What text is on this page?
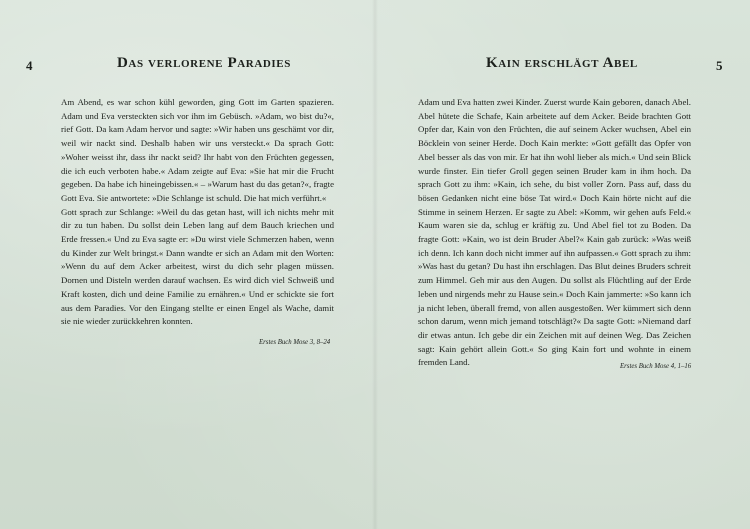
4	Das verlorene Paradies

Am Abend, es war schon kühl geworden, ging Gott im Garten spazieren. Adam und Eva versteckten sich vor ihm im Gebüsch. »Adam, wo bist du?«, rief Gott. Da kam Adam hervor und sagte: »Wir haben uns geschämt vor dir, weil wir nackt sind. Deshalb haben wir uns versteckt.« Da sprach Gott: »Woher weisst ihr, dass ihr nackt seid? Ihr habt von den Früchten gegessen, die ich euch verboten habe.« Adam zeigte auf Eva: »Sie hat mir die Frucht gegeben. Da habe ich hineingebissen.« – »Warum hast du das getan?«, fragte Gott Eva. Sie antwortete: »Die Schlange ist schuld. Die hat mich verführt.«

Gott sprach zur Schlange: »Weil du das getan hast, will ich nichts mehr mit dir zu tun haben. Du sollst dein Leben lang auf dem Bauch kriechen und Erde fressen.« Und zu Eva sagte er: »Du wirst viele Schmerzen haben, wenn du Kinder zur Welt bringst.« Dann wandte er sich an Adam mit den Worten: »Wenn du auf dem Acker arbeitest, wirst du dich sehr plagen müssen. Dornen und Disteln werden darauf wachsen. Es wird dich viel Schweiß und Kraft kosten, dich und deine Familie zu ernähren.« Und er schickte sie fort aus dem Paradies. Vor den Eingang stellte er einen Engel als Wache, damit sie nie wieder zurückkehren konnten.

Erstes Buch Mose 3, 8–24
5
Kain erschlägt Abel

Adam und Eva hatten zwei Kinder. Zuerst wurde Kain geboren, danach Abel. Abel hütete die Schafe, Kain arbeitete auf dem Acker. Beide brachten Gott Opfer dar, Kain von den Früchten, die auf seinem Acker wuchsen, Abel ein Böcklein von seiner Herde. Doch Kain merkte: »Gott gefällt das Opfer von Abel besser als das von mir. Er hat ihn wohl lieber als mich.« Und sein Blick wurde finster. Ein tiefer Groll gegen seinen Bruder kam in ihm hoch. Da sprach Gott zu ihm: »Kain, ich sehe, du bist voller Zorn. Pass auf, dass du bösen Gedanken nicht eine böse Tat wird.« Doch Kain hörte nicht auf die Stimme in seinem Herzen. Er sagte zu Abel: »Komm, wir gehen aufs Feld.« Kaum waren sie da, schlug er kräftig zu. Und Abel fiel tot zu Boden. Da fragte Gott: »Kain, wo ist dein Bruder Abel?« Kain gab zurück: »Was weiß ich denn. Ich kann doch nicht immer auf ihn aufpassen.« Gott sprach zu ihm: »Was hast du getan? Du hast ihn erschlagen. Das Blut deines Bruders schreit zum Himmel. Geh mir aus den Augen. Du sollst als Flüchtling auf der Erde leben und nirgends mehr zu Hause sein.« Doch Kain jammerte: »So kann ich ja nicht leben, überall fremd, von allen ausgestoßen. Wer kümmert sich denn schon darum, wenn mich jemand totschlägt?« Da sagte Gott: »Niemand darf dir etwas antun. Ich gebe dir ein Zeichen mit auf deinen Weg. Das Zeichen sagt: Kain gehört allein Gott.« So ging Kain fort und wohnte in einem fremden Land.	Erstes Buch Mose 4, 1–16
